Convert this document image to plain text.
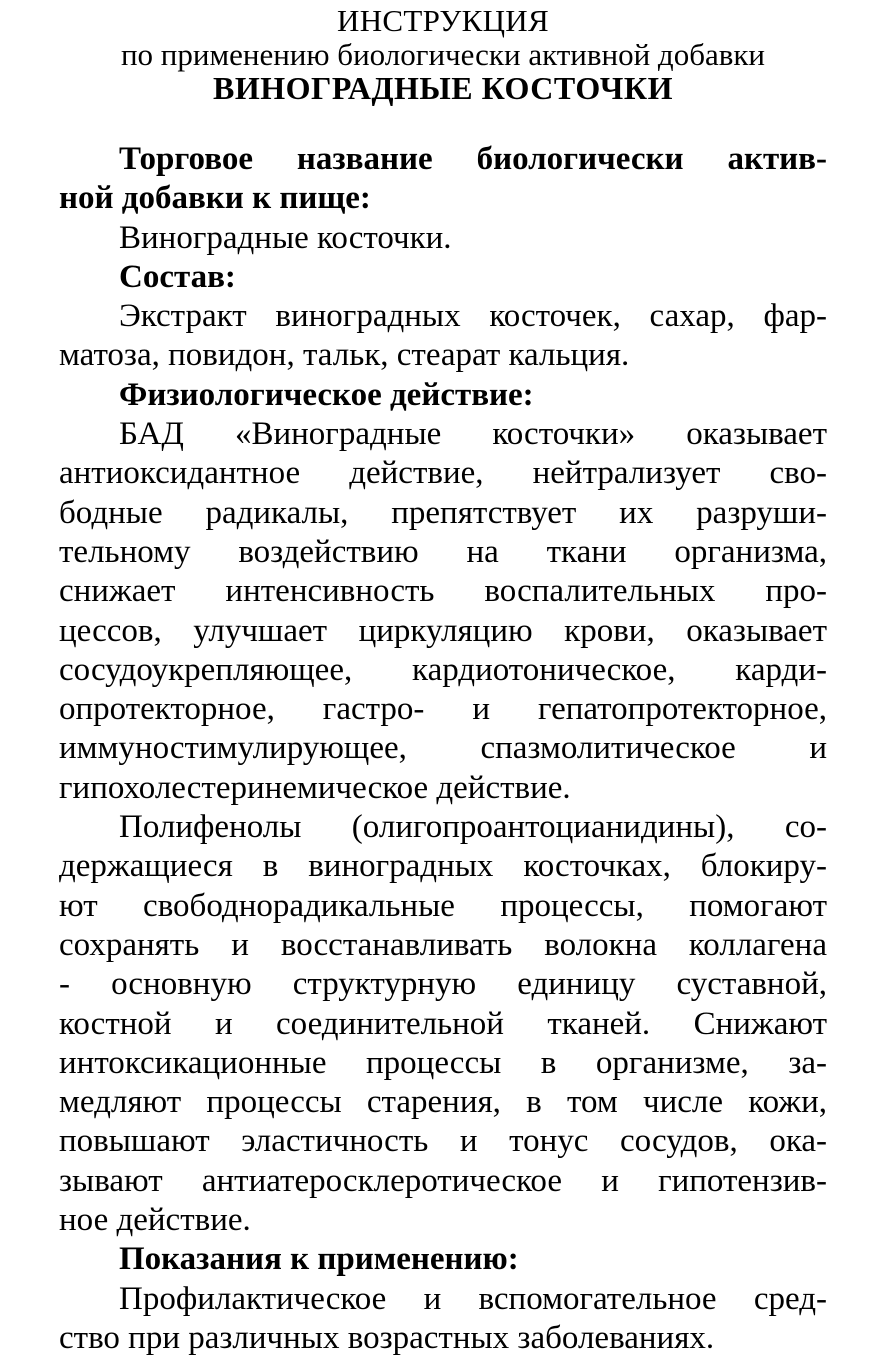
ИНСТРУКЦИЯ
по применению биологически активной добавки
ВИНОГРАДНЫЕ КОСТОЧКИ
Торговое название биологически актив-
ной добавки к пище:
Виноградные косточки.
Состав:
Экстракт виноградных косточек, сахар, фар-
матоза, повидон, тальк, стеарат кальция.
Физиологическое действие:
БАД «Виноградные косточки» оказывает
антиоксидантное действие, нейтрализует сво-
бодные радикалы, препятствует их разруши-
тельному воздействию на ткани организма,
снижает интенсивность воспалительных про-
цессов, улучшает циркуляцию крови, оказывает
сосудоукрепляющее, кардиотоническое, карди-
опротекторное, гастро- и гепатопротекторное,
иммуностимулирующее, спазмолитическое и
гипохолестеринемическое действие.
Полифенолы (олигопроантоцианидины), со-
держащиеся в виноградных косточках, блокиру-
ют свободнорадикальные процессы, помогают
сохранять и восстанавливать волокна коллагена
- основную структурную единицу суставной,
костной и соединительной тканей. Снижают
интоксикационные процессы в организме, за-
медляют процессы старения, в том числе кожи,
повышают эластичность и тонус сосудов, ока-
зывают антиатеросклеротическое и гипотензив-
ное действие.
Показания к применению:
Профилактическое и вспомогательное сред-
ство при различных возрастных заболеваниях.
